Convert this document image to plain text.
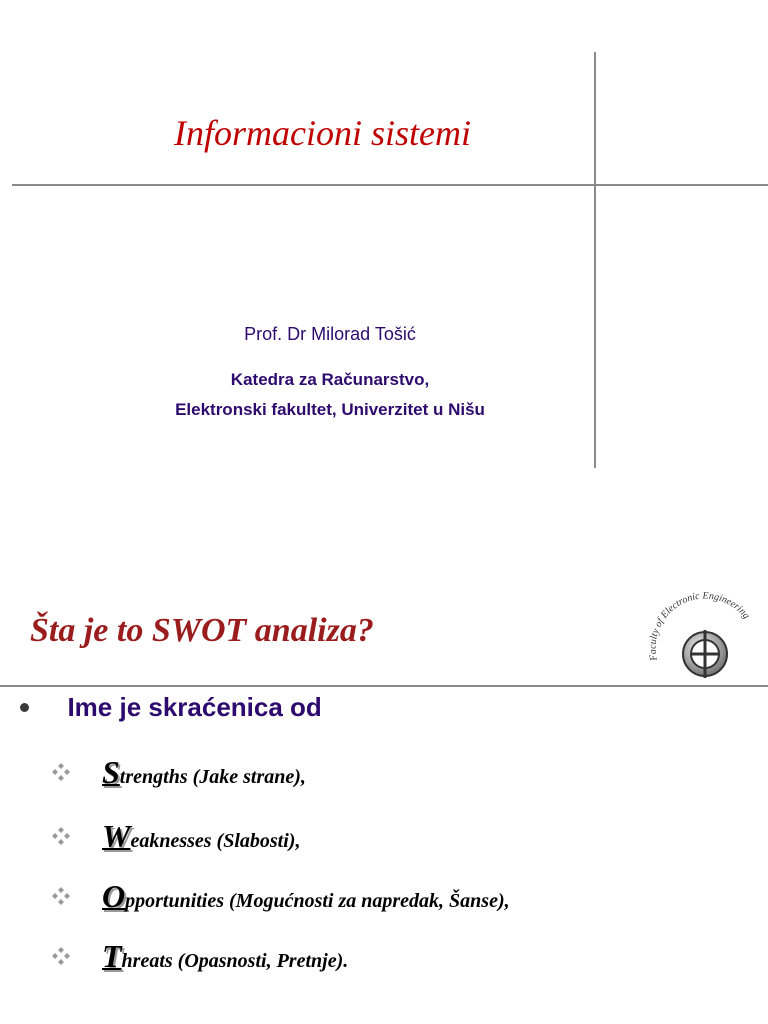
Informacioni sistemi
Prof. Dr Milorad Tošić
Katedra za Računarstvo,
Elektronski fakultet, Univerzitet u Nišu
Šta je to SWOT analiza?
Faculty of Electronic Engineering
Ime je skraćenica od
Strengths (Jake strane),
Weaknesses (Slabosti),
Opportunities (Mogućnosti za napredak, Šanse),
Threats (Opasnosti, Pretnje).
